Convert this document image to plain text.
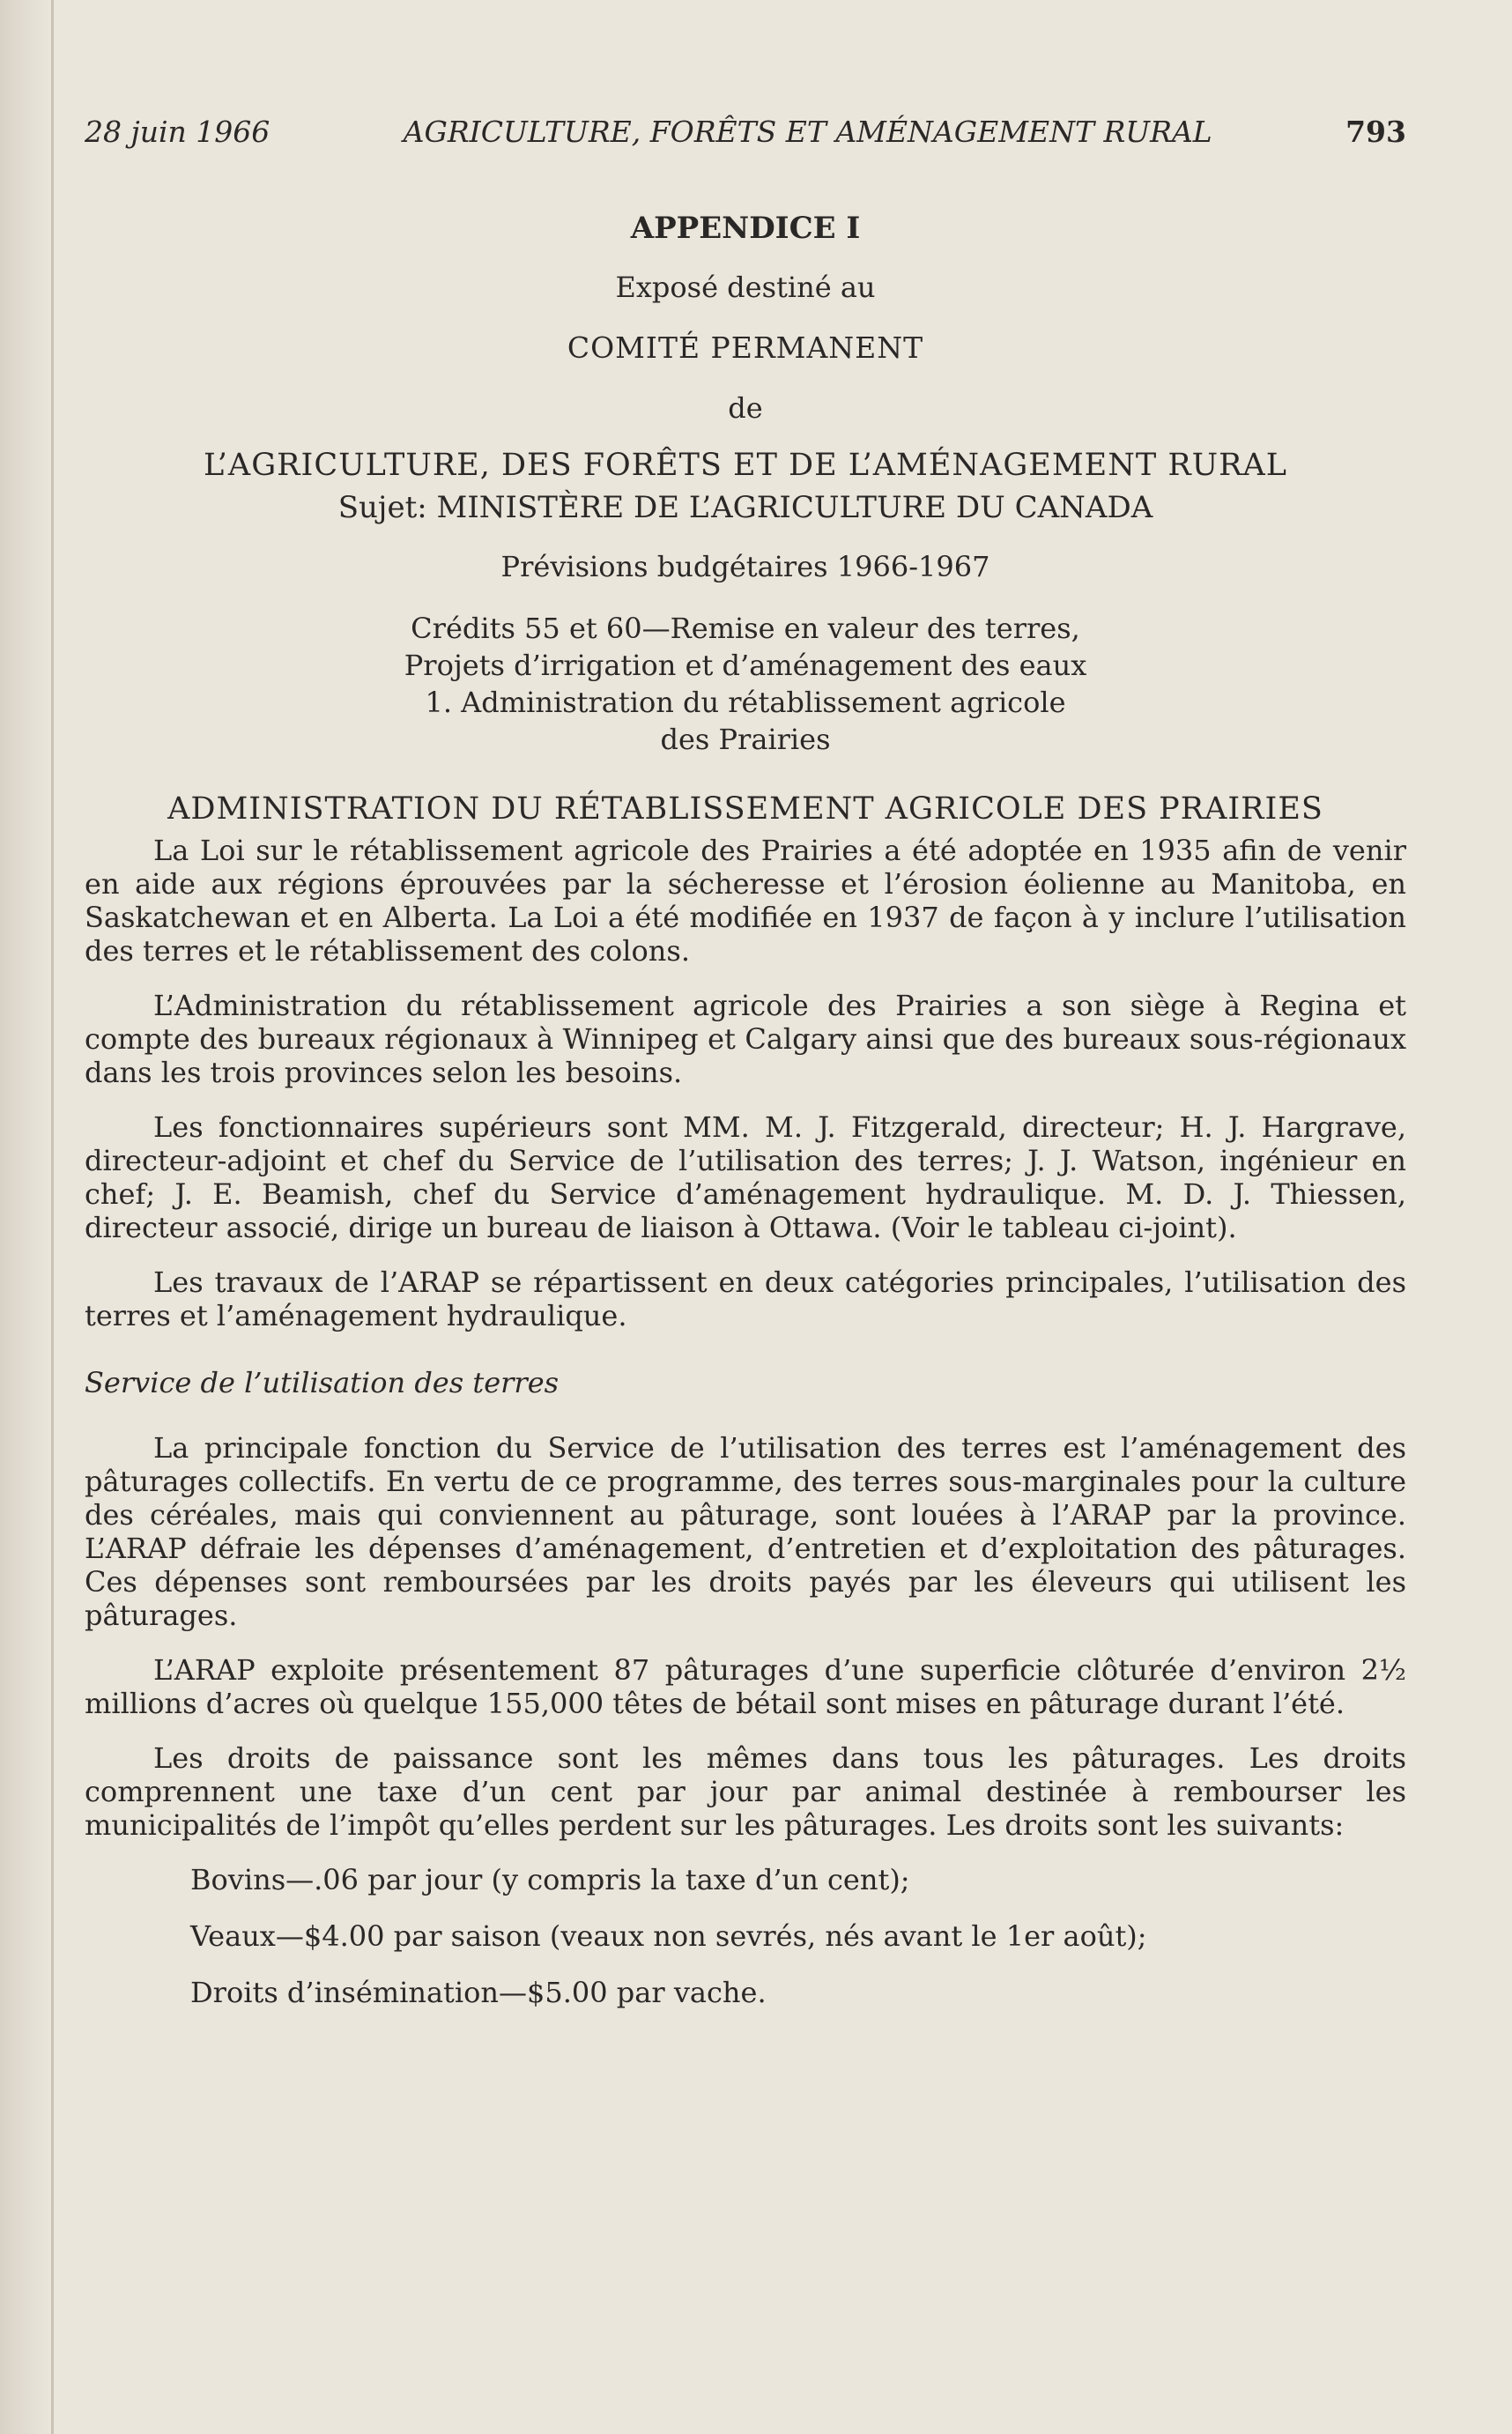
28 juin 1966	AGRICULTURE, FORÊTS ET AMÉNAGEMENT RURAL	793
APPENDICE I
Exposé destiné au
COMITÉ PERMANENT
de
L’AGRICULTURE, DES FORÊTS ET DE L’AMÉNAGEMENT RURAL
Sujet: MINISTÈRE DE L’AGRICULTURE DU CANADA
Prévisions budgétaires 1966-1967
Crédits 55 et 60—Remise en valeur des terres,
Projets d’irrigation et d’aménagement des eaux
1. Administration du rétablissement agricole
des Prairies
ADMINISTRATION DU RÉTABLISSEMENT AGRICOLE DES PRAIRIES

La Loi sur le rétablissement agricole des Prairies a été adoptée en 1935 afin de venir en aide aux régions éprouvées par la sécheresse et l’érosion éolienne au Manitoba, en Saskatchewan et en Alberta. La Loi a été modifiée en 1937 de façon à y inclure l’utilisation des terres et le rétablissement des colons.

L’Administration du rétablissement agricole des Prairies a son siège à Regina et compte des bureaux régionaux à Winnipeg et Calgary ainsi que des bureaux sous-régionaux dans les trois provinces selon les besoins.

Les fonctionnaires supérieurs sont MM. M. J. Fitzgerald, directeur; H. J. Hargrave, directeur-adjoint et chef du Service de l’utilisation des terres; J. J. Watson, ingénieur en chef; J. E. Beamish, chef du Service d’aménagement hydraulique. M. D. J. Thiessen, directeur associé, dirige un bureau de liaison à Ottawa. (Voir le tableau ci-joint).

Les travaux de l’ARAP se répartissent en deux catégories principales, l’utilisation des terres et l’aménagement hydraulique.

Service de l’utilisation des terres

La principale fonction du Service de l’utilisation des terres est l’aménagement des pâturages collectifs. En vertu de ce programme, des terres sous-marginales pour la culture des céréales, mais qui conviennent au pâturage, sont louées à l’ARAP par la province. L’ARAP défraie les dépenses d’aménagement, d’entretien et d’exploitation des pâturages. Ces dépenses sont remboursées par les droits payés par les éleveurs qui utilisent les pâturages.

L’ARAP exploite présentement 87 pâturages d’une superficie clôturée d’environ 2½ millions d’acres où quelque 155,000 têtes de bétail sont mises en pâturage durant l’été.

Les droits de paissance sont les mêmes dans tous les pâturages. Les droits comprennent une taxe d’un cent par jour par animal destinée à rembourser les municipalités de l’impôt qu’elles perdent sur les pâturages. Les droits sont les suivants:

Bovins—.06 par jour (y compris la taxe d’un cent);
Veaux—$4.00 par saison (veaux non sevrés, nés avant le 1er août);
Droits d’insémination—$5.00 par vache.
